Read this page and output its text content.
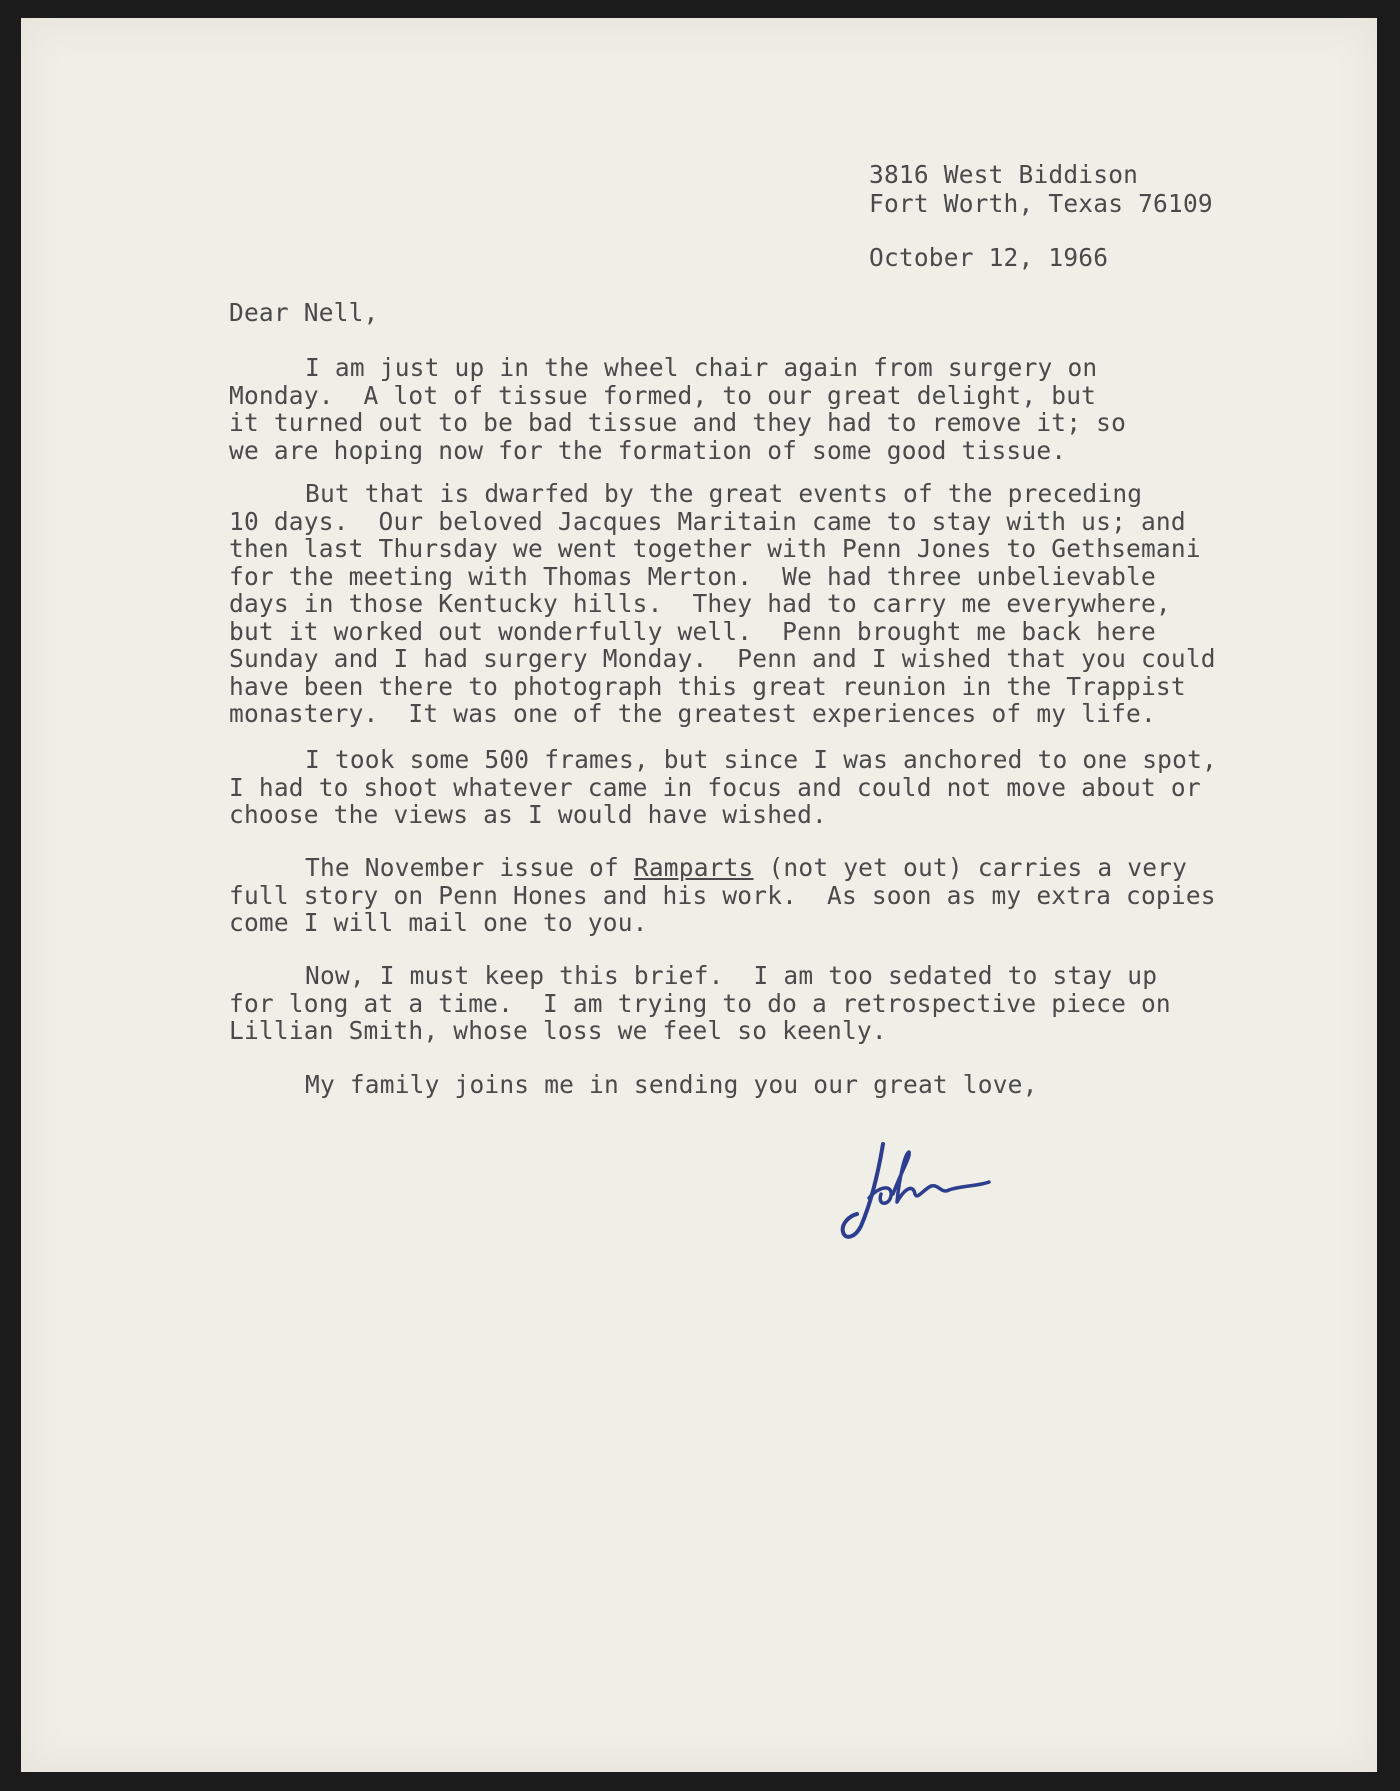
3816 West Biddison
Fort Worth, Texas 76109
October 12, 1966
Dear Nell,
I am just up in the wheel chair again from surgery on
Monday.  A lot of tissue formed, to our great delight, but
it turned out to be bad tissue and they had to remove it; so
we are hoping now for the formation of some good tissue.
But that is dwarfed by the great events of the preceding
10 days.  Our beloved Jacques Maritain came to stay with us; and
then last Thursday we went together with Penn Jones to Gethsemani
for the meeting with Thomas Merton.  We had three unbelievable
days in those Kentucky hills.  They had to carry me everywhere,
but it worked out wonderfully well.  Penn brought me back here
Sunday and I had surgery Monday.  Penn and I wished that you could
have been there to photograph this great reunion in the Trappist
monastery.  It was one of the greatest experiences of my life.
I took some 500 frames, but since I was anchored to one spot,
I had to shoot whatever came in focus and could not move about or
choose the views as I would have wished.
The November issue of Ramparts (not yet out) carries a very
full story on Penn Hones and his work.  As soon as my extra copies
come I will mail one to you.
Now, I must keep this brief.  I am too sedated to stay up
for long at a time.  I am trying to do a retrospective piece on
Lillian Smith, whose loss we feel so keenly.
My family joins me in sending you our great love,
